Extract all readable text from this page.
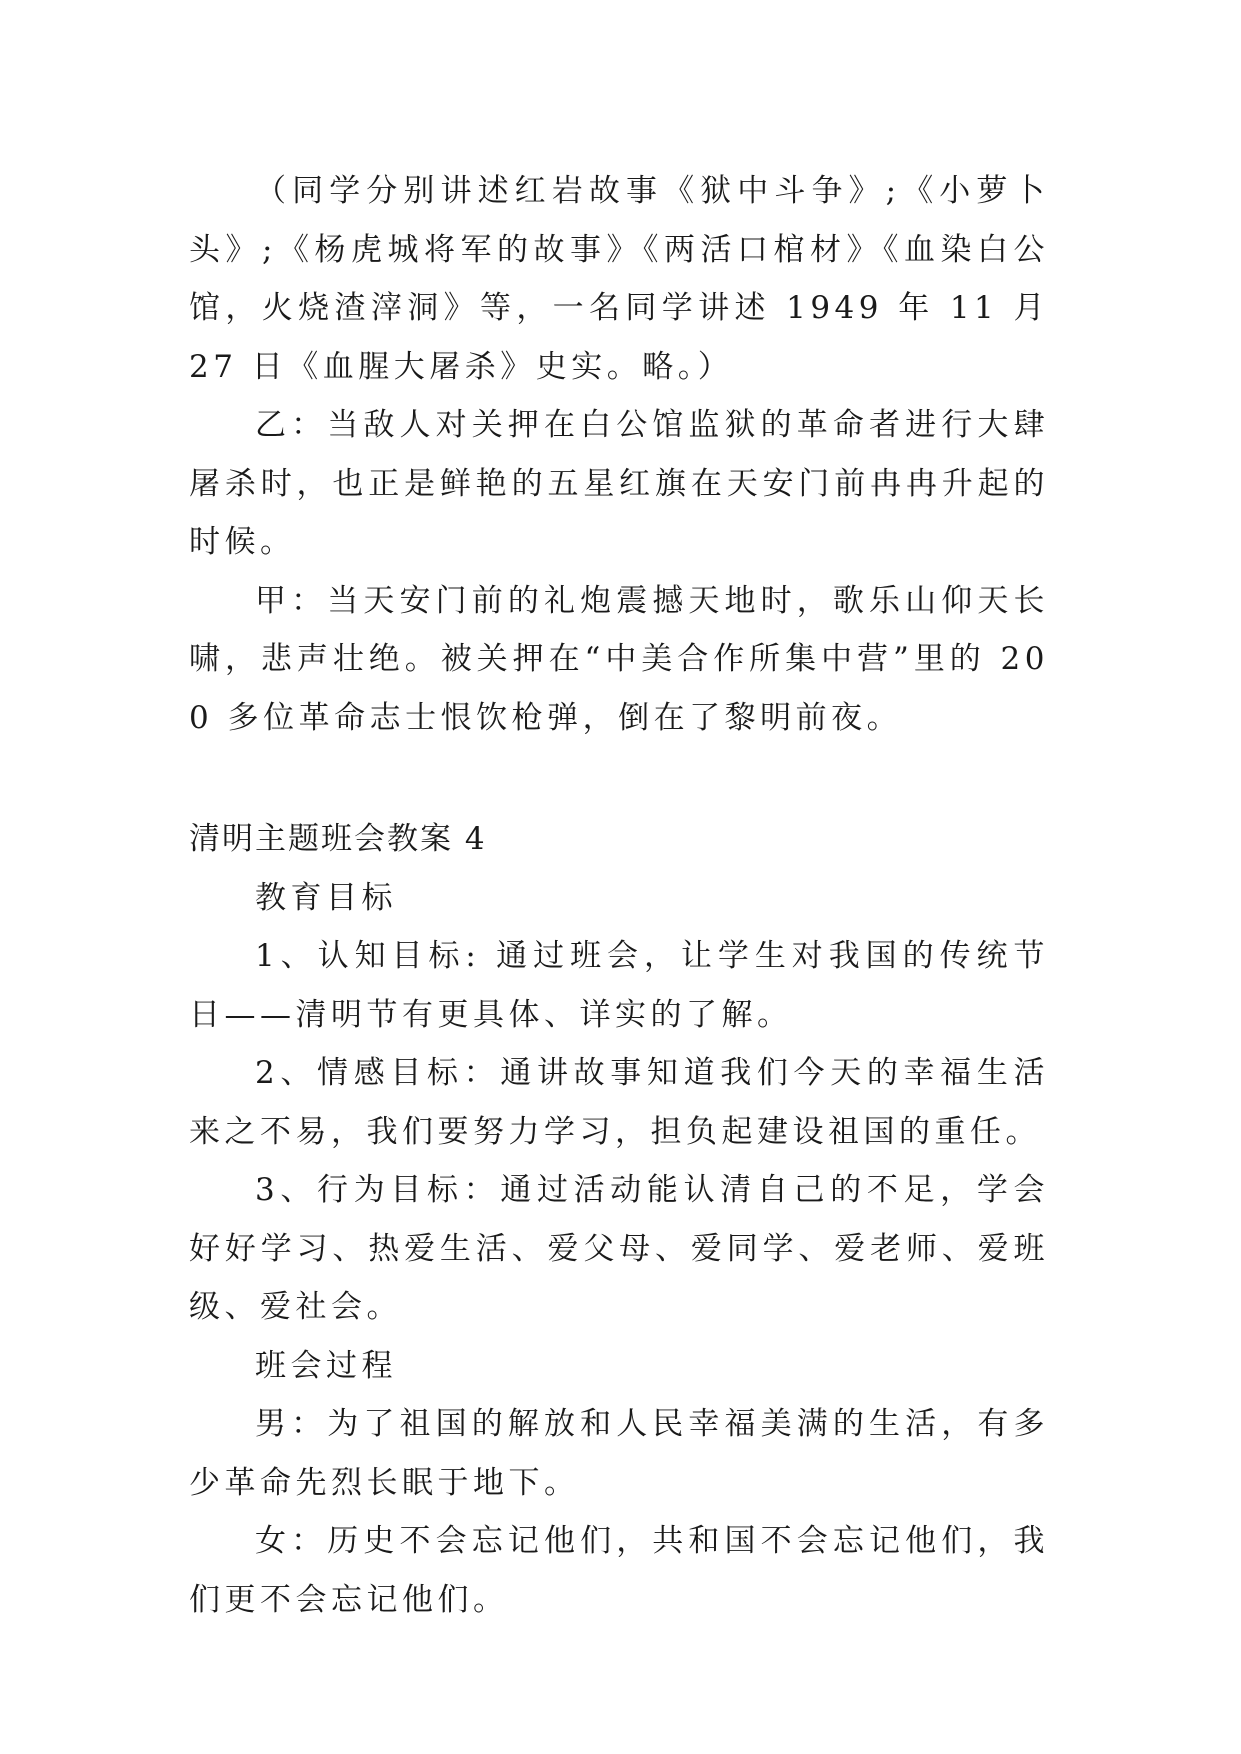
（同学分别讲述红岩故事《狱中斗争》;《小萝卜头》;《杨虎城将军的故事》《两活口棺材》《血染白公馆，火烧渣滓洞》等，一名同学讲述 1949 年 11 月 27 日《血腥大屠杀》史实。略。）

乙：当敌人对关押在白公馆监狱的革命者进行大肆屠杀时，也正是鲜艳的五星红旗在天安门前冉冉升起的时候。

甲：当天安门前的礼炮震撼天地时，歌乐山仰天长啸，悲声壮绝。被关押在“中美合作所集中营”里的 200 多位革命志士恨饮枪弹，倒在了黎明前夜。

清明主题班会教案 4

教育目标

1、认知目标: 通过班会，让学生对我国的传统节日——清明节有更具体、详实的了解。

2、情感目标：通讲故事知道我们今天的幸福生活来之不易，我们要努力学习，担负起建设祖国的重任。

3、行为目标：通过活动能认清自己的不足，学会好好学习、热爱生活、爱父母、爱同学、爱老师、爱班级、爱社会。

班会过程

男：为了祖国的解放和人民幸福美满的生活，有多少革命先烈长眠于地下。

女：历史不会忘记他们，共和国不会忘记他们，我们更不会忘记他们。
